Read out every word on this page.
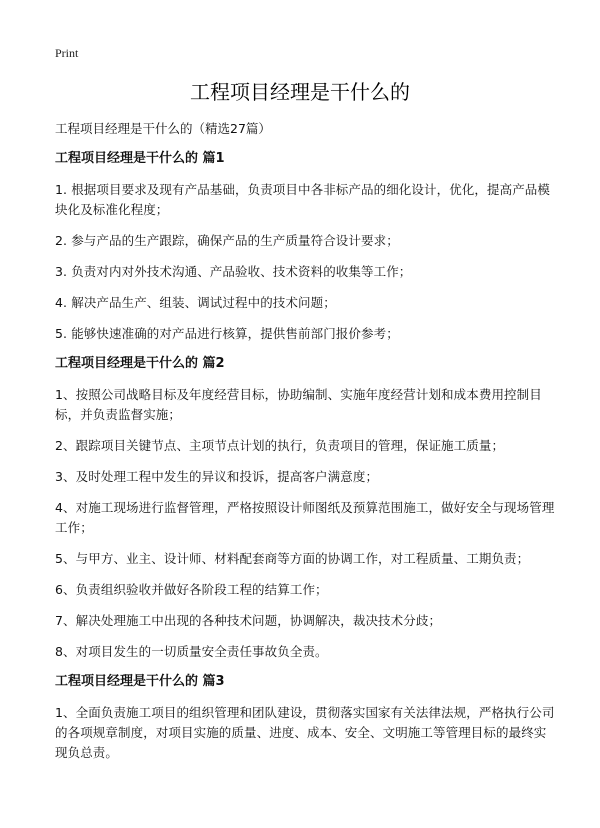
Print
工程项目经理是干什么的

工程项目经理是干什么的（精选27篇）

工程项目经理是干什么的 篇1

1. 根据项目要求及现有产品基础，负责项目中各非标产品的细化设计，优化，提高产品模块化及标准化程度；

2. 参与产品的生产跟踪，确保产品的生产质量符合设计要求；

3. 负责对内对外技术沟通、产品验收、技术资料的收集等工作；

4. 解决产品生产、组装、调试过程中的技术问题；

5. 能够快速准确的对产品进行核算，提供售前部门报价参考；

工程项目经理是干什么的 篇2

1、按照公司战略目标及年度经营目标，协助编制、实施年度经营计划和成本费用控制目标，并负责监督实施；

2、跟踪项目关键节点、主项节点计划的执行，负责项目的管理，保证施工质量；

3、及时处理工程中发生的异议和投诉，提高客户满意度；

4、对施工现场进行监督管理，严格按照设计师图纸及预算范围施工，做好安全与现场管理工作；

5、与甲方、业主、设计师、材料配套商等方面的协调工作，对工程质量、工期负责；

6、负责组织验收并做好各阶段工程的结算工作；

7、解决处理施工中出现的各种技术问题，协调解决，裁决技术分歧；

8、对项目发生的一切质量安全责任事故负全责。

工程项目经理是干什么的 篇3

1、全面负责施工项目的组织管理和团队建设，贯彻落实国家有关法律法规，严格执行公司的各项规章制度，对项目实施的质量、进度、成本、安全、文明施工等管理目标的最终实现负总责。
